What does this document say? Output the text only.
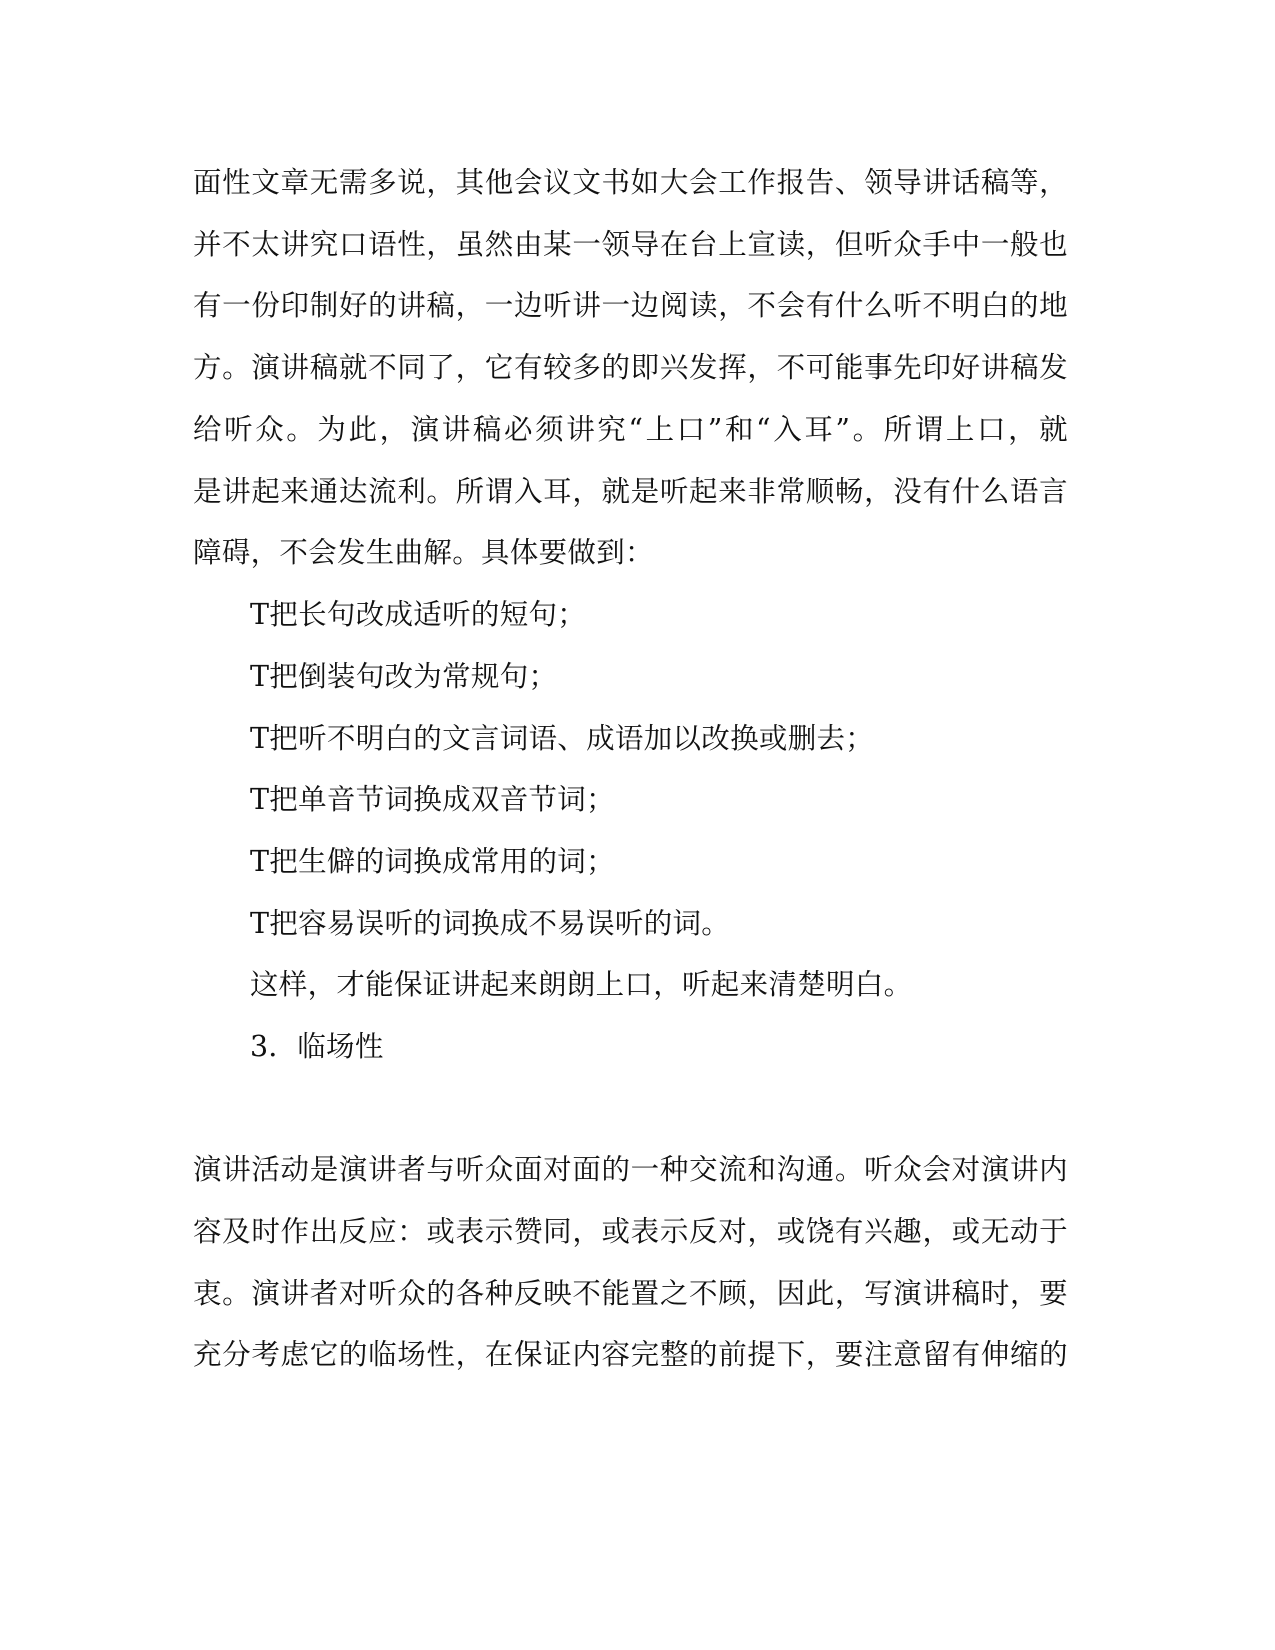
面性文章无需多说，其他会议文书如大会工作报告、领导讲话稿等，
并不太讲究口语性，虽然由某一领导在台上宣读，但听众手中一般也
有一份印制好的讲稿，一边听讲一边阅读，不会有什么听不明白的地
方。演讲稿就不同了，它有较多的即兴发挥，不可能事先印好讲稿发
给听众。为此，演讲稿必须讲究“上口”和“入耳”。所谓上口，就
是讲起来通达流利。所谓入耳，就是听起来非常顺畅，没有什么语言
障碍，不会发生曲解。具体要做到：
T把长句改成适听的短句；
T把倒装句改为常规句；
T把听不明白的文言词语、成语加以改换或删去；
T把单音节词换成双音节词；
T把生僻的词换成常用的词；
T把容易误听的词换成不易误听的词。
这样，才能保证讲起来朗朗上口，听起来清楚明白。
3．临场性
演讲活动是演讲者与听众面对面的一种交流和沟通。听众会对演讲内
容及时作出反应：或表示赞同，或表示反对，或饶有兴趣，或无动于
衷。演讲者对听众的各种反映不能置之不顾，因此，写演讲稿时，要
充分考虑它的临场性，在保证内容完整的前提下，要注意留有伸缩的
